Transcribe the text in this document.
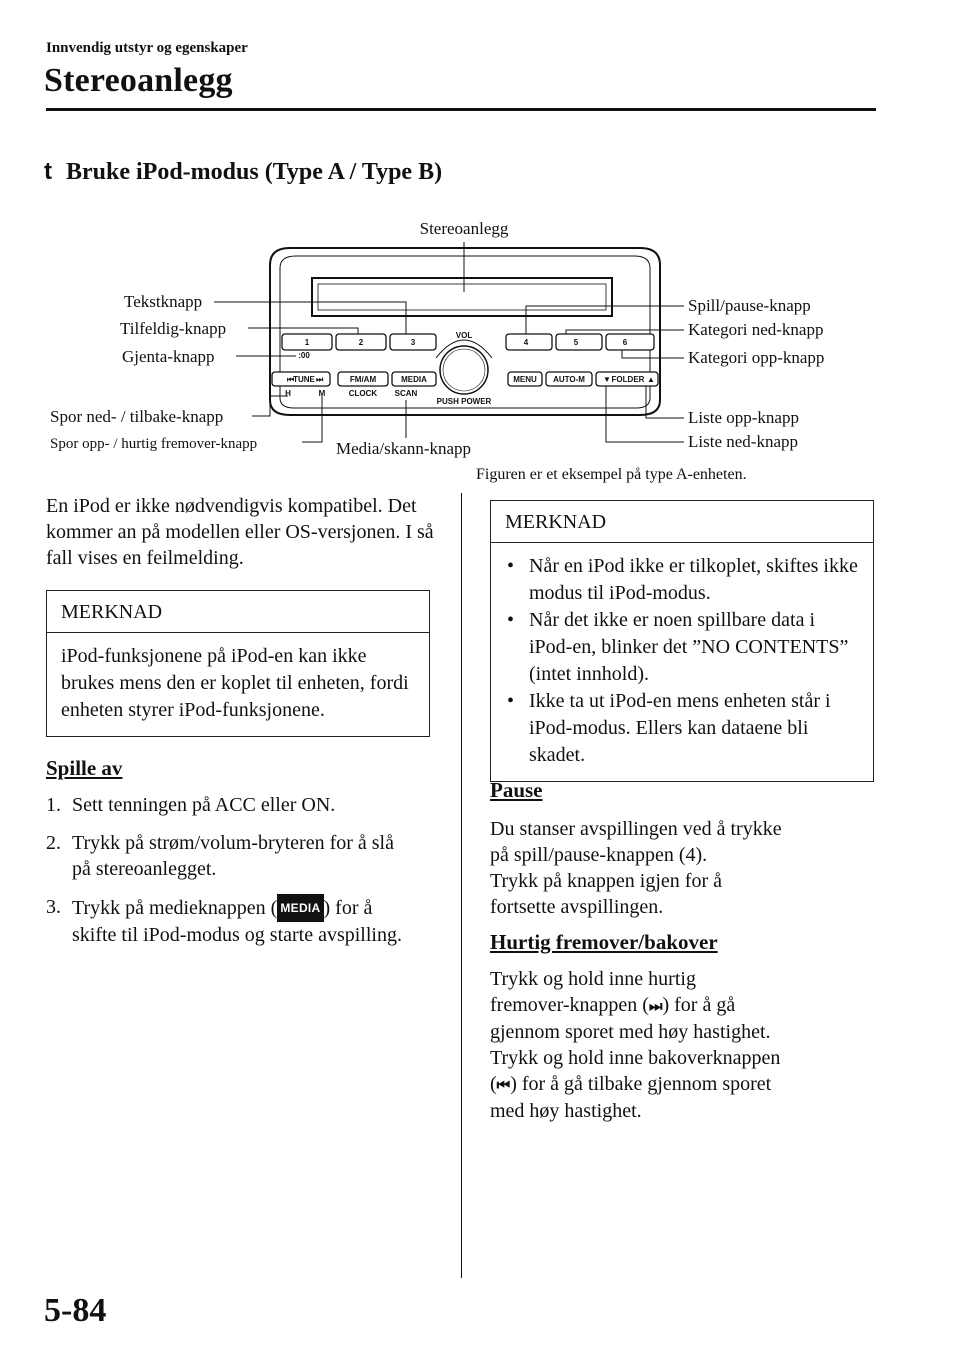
Innvendig utstyr og egenskaper
Stereoanlegg
t Bruke iPod-modus (Type A / Type B)
1	2	3
:00
4	5	6
VOL
PUSH POWER
⏮
TUNE ⏭	FM/AM	MEDIA
H	M	CLOCK SCAN
MENU AUTO-M ▼ FOLDER ▲
Stereoanlegg
Tekstknapp
Tilfeldig-knapp
Gjenta-knapp
Spor ned- / tilbake-knapp
Spor opp- / hurtig fremover-knapp	Media/skann-knapp
Spill/pause-knapp
Kategori ned-knapp
Kategori opp-knapp
Liste opp-knapp
Liste ned-knapp
Figuren er et eksempel på type A-enheten.
En iPod er ikke nødvendigvis kompatibel. Det kommer an på modellen eller OS-versjonen. I så fall vises en feilmelding.
MERKNAD
iPod-funksjonene på iPod-en kan ikke brukes mens den er koplet til enheten, fordi enheten styrer iPod-funksjonene.
Spille av
1. Sett tenningen på ACC eller ON.
2. Trykk på strøm/volum-bryteren for å slå på stereoanlegget.
3. Trykk på medieknappen ( MEDIA ) for å skifte til iPod-modus og starte avspilling.
MERKNAD
• Når en iPod ikke er tilkoplet, skiftes ikke modus til iPod-modus.
• Når det ikke er noen spillbare data i iPod-en, blinker det ”NO CONTENTS” (intet innhold).
• Ikke ta ut iPod-en mens enheten står i iPod-modus. Ellers kan dataene bli skadet.
Pause
Du stanser avspillingen ved å trykke
på spill/pause-knappen (4).
Trykk på knappen igjen for å
fortsette avspillingen.
Hurtig fremover/bakover
Trykk og hold inne hurtig
fremover-knappen (⏭) for å gå
gjennom sporet med høy hastighet.
Trykk og hold inne bakoverknappen
(⏮) for å gå tilbake gjennom sporet
med høy hastighet.
5-84
